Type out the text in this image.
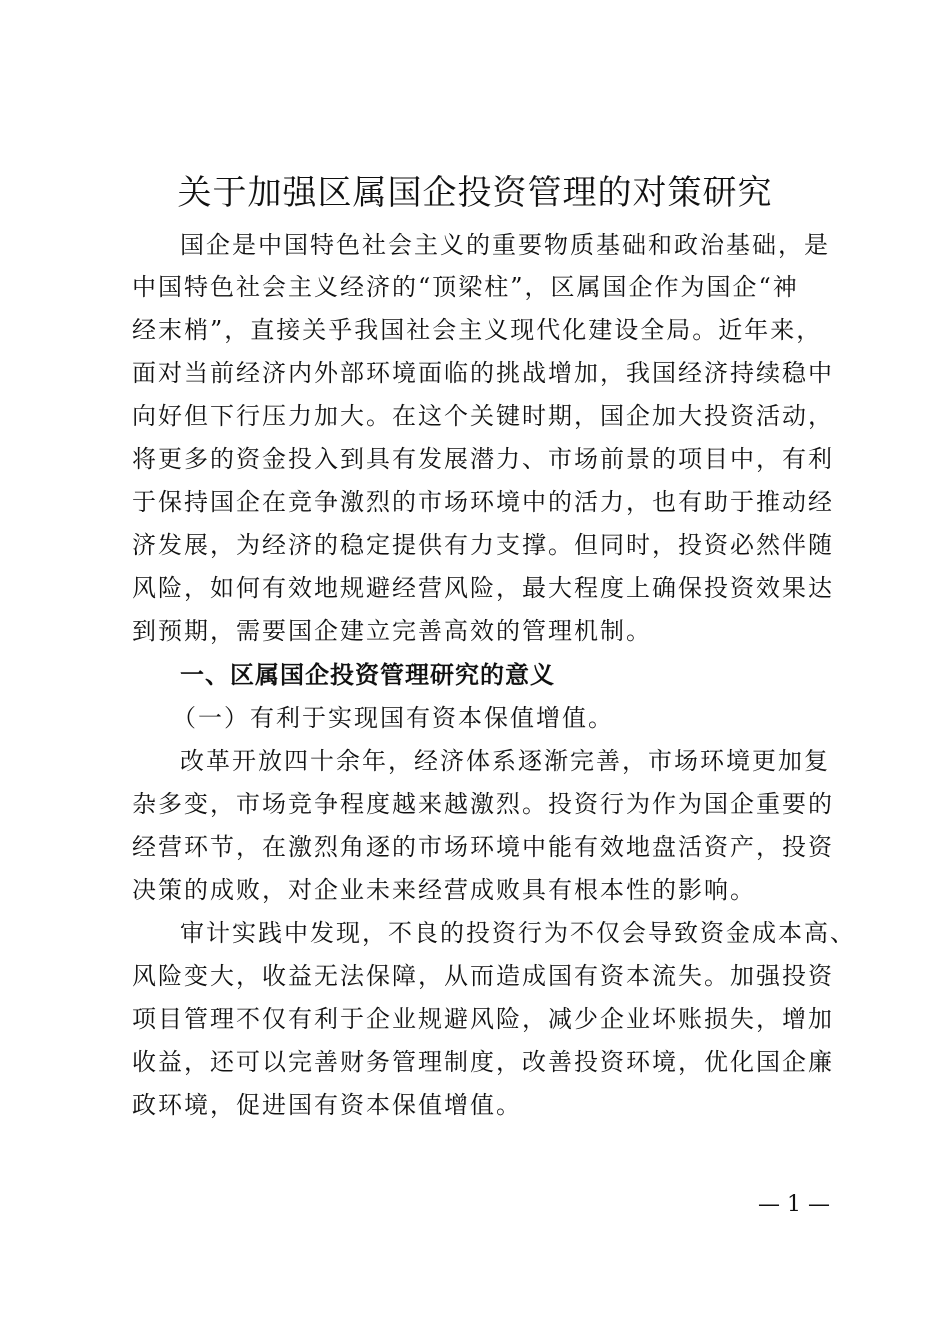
关于加强区属国企投资管理的对策研究
国企是中国特色社会主义的重要物质基础和政治基础，是
中国特色社会主义经济的“顶梁柱”，区属国企作为国企“神
经末梢”，直接关乎我国社会主义现代化建设全局。近年来，
面对当前经济内外部环境面临的挑战增加，我国经济持续稳中
向好但下行压力加大。在这个关键时期，国企加大投资活动，
将更多的资金投入到具有发展潜力、市场前景的项目中，有利
于保持国企在竞争激烈的市场环境中的活力，也有助于推动经
济发展，为经济的稳定提供有力支撑。但同时，投资必然伴随
风险，如何有效地规避经营风险，最大程度上确保投资效果达
到预期，需要国企建立完善高效的管理机制。
一、区属国企投资管理研究的意义
（一）有利于实现国有资本保值增值。
改革开放四十余年，经济体系逐渐完善，市场环境更加复
杂多变，市场竞争程度越来越激烈。投资行为作为国企重要的
经营环节，在激烈角逐的市场环境中能有效地盘活资产，投资
决策的成败，对企业未来经营成败具有根本性的影响。
审计实践中发现，不良的投资行为不仅会导致资金成本高、
风险变大，收益无法保障，从而造成国有资本流失。加强投资
项目管理不仅有利于企业规避风险，减少企业坏账损失，增加
收益，还可以完善财务管理制度，改善投资环境，优化国企廉
政环境，促进国有资本保值增值。
— 1 —
